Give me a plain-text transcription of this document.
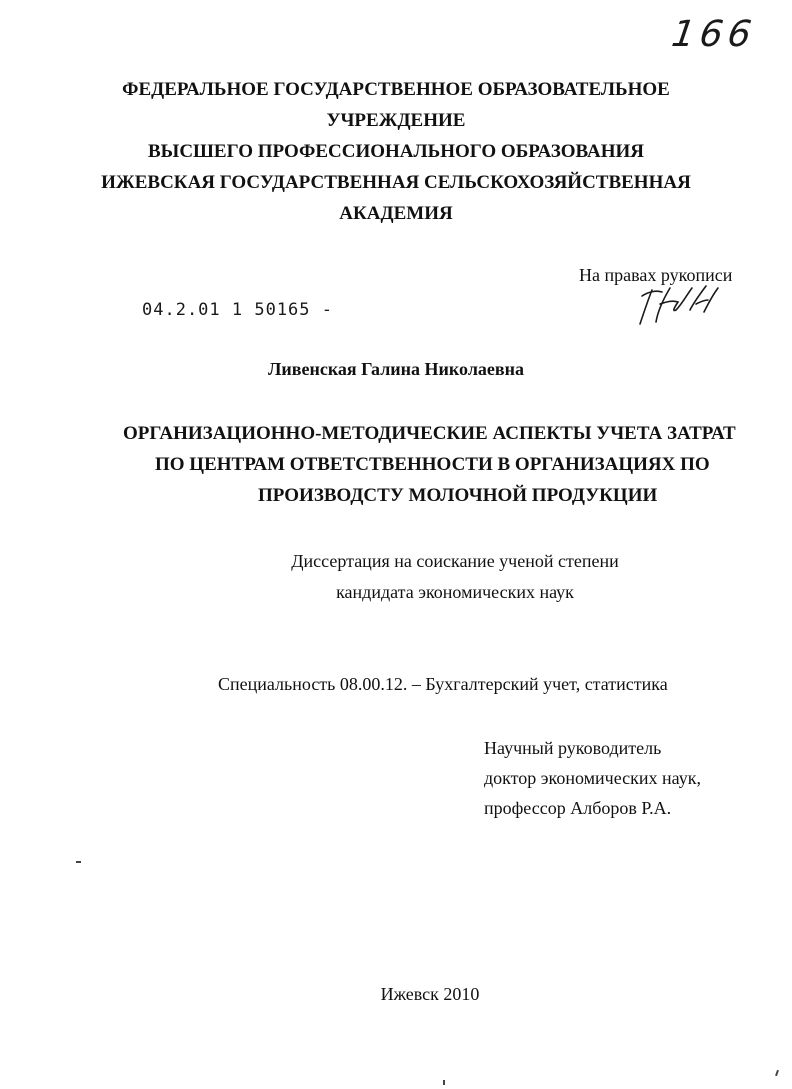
166
ФЕДЕРАЛЬНОЕ ГОСУДАРСТВЕННОЕ ОБРАЗОВАТЕЛЬНОЕ
УЧРЕЖДЕНИЕ
ВЫСШЕГО ПРОФЕССИОНАЛЬНОГО ОБРАЗОВАНИЯ
ИЖЕВСКАЯ ГОСУДАРСТВЕННАЯ СЕЛЬСКОХОЗЯЙСТВЕННАЯ
АКАДЕМИЯ
На правах рукописи
04.2.01 1 50165 -
Ливенская Галина Николаевна
ОРГАНИЗАЦИОННО-МЕТОДИЧЕСКИЕ АСПЕКТЫ УЧЕТА ЗАТРАТ
ПО ЦЕНТРАМ ОТВЕТСТВЕННОСТИ В ОРГАНИЗАЦИЯХ ПО
ПРОИЗВОДСТУ МОЛОЧНОЙ ПРОДУКЦИИ
Диссертация на соискание ученой степени
кандидата экономических наук
Специальность 08.00.12. – Бухгалтерский учет, статистика
Научный руководитель
доктор экономических наук,
профессор Алборов Р.А.
Ижевск 2010
